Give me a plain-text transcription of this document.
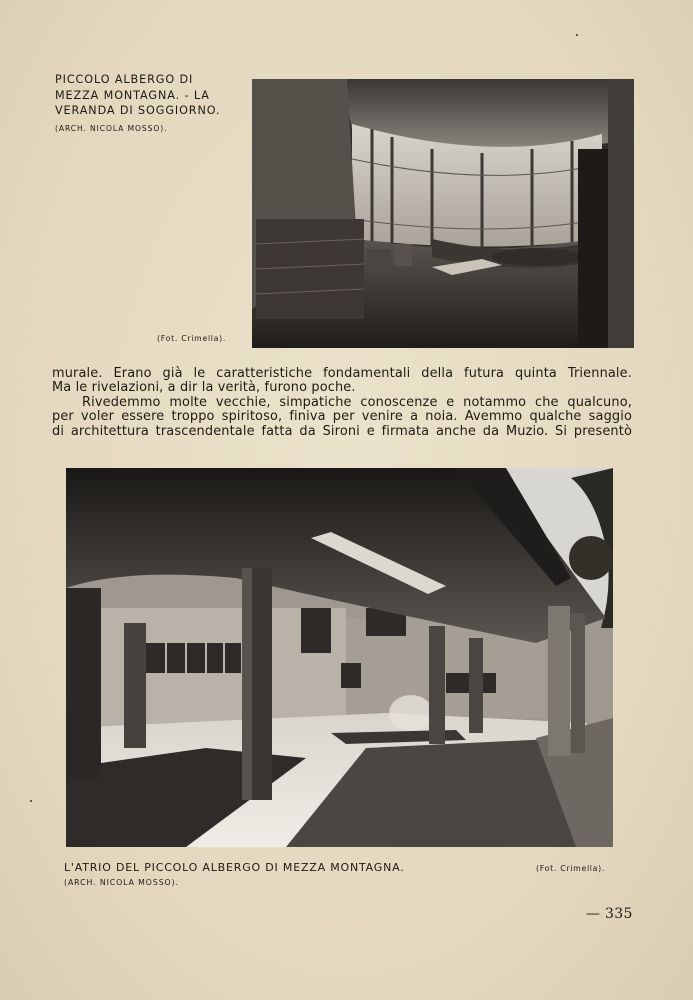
PICCOLO ALBERGO DI
MEZZA MONTAGNA. - LA
VERANDA DI SOGGIORNO.
(ARCH. NICOLA MOSSO).
(Fot. Crimella).
murale. Erano già le caratteristiche fondamentali della futura quinta Triennale.
Ma le rivelazioni, a dir la verità, furono poche.
Rivedemmo molte vecchie, simpatiche conoscenze e notammo che qualcuno,
per voler essere troppo spiritoso, finiva per venire a noia. Avemmo qualche saggio
di architettura trascendentale fatta da Sironi e firmata anche da Muzio. Si presentò
L'ATRIO DEL PICCOLO ALBERGO DI MEZZA MONTAGNA.
(ARCH. NICOLA MOSSO).
(Fot. Crimella).
— 335
